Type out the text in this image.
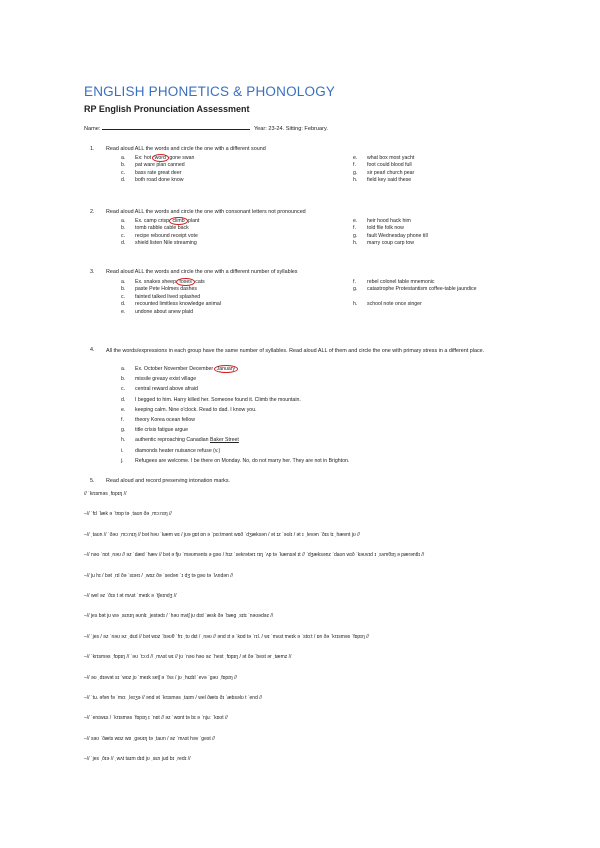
ENGLISH PHONETICS & PHONOLOGY
RP English Pronunciation Assessment
Name:	Year: 23-24. Sitting: February.
1.	Read aloud ALL the words and circle the one with a different sound
a. Ex: hot word gone swan
b. pat ware plan canned
c. bass rate great deer
d. both road done know
e. what box most yacht
f. foot could blood full
g. sir pearl church pear
h. field key said these
2.	Read aloud ALL the words and circle the one with consonant letters not pronounced
a. Ex. camp crisp climb plant
b. tomb rabble cable back
c. recipe rebound receipt vote
d. shield listen Nile streaming
e. heir hood hack him
f. told file folk now
g. fault Wednesday phone till
h. marry coup carp tow
3.	Read aloud ALL the words and circle the one with a different number of syllables
a. Ex. snakes sheep foxes cats
b. paste Pete Holmes dashes
c. fainted talked lived splashed
d. recounted limitless knowledge animal
e. undone about anew plaid
f. rebel colonel table mnemonic
g. catastrophe Protestantism coffee-table jaundice
h. school note once singer
4.	All the words/expressions in each group have the same number of syllables. Read aloud ALL of them and circle the one with primary stress in a different place.
a. Ex. October November December January
b. missile greasy exist village
c. central reward above afraid
d. I begged to him. Harry killed her. Someone found it. Climb the mountain.
e. keeping calm. Nine o'clock. Read to dad. I know you.
f. theory Korea ocean fellow
g. title crisis fatigue argue
h. authentic reproaching Canadian Baker Street
i. diamonds heater nuisance refuse (v.)
j. Refugees are welcome. I be there on Monday. No, do not marry her. They are not in Brighton.
5.	Read aloud and record preserving intonation marks.
// ˈkrɪsməs ˌfɒpɪŋ //
–// ˈfɪl ˈlæk ə ˈtrɒp tə ˌtaʊn ðə ˌmɔːnɪŋ //
–// ˌtaʊn // ˈðəʊ ˌmɔːnɪŋ // bət həʊ ˈkæm wɪ / jʊə gɒt ɒn ə ˈpɑːtmənt wɒð ˈdʒæksən / ət ɪz ˈəʊlɪ / ət ɪ ˌlevən ˈðɪs tɪ ˌhævnt jʊ //
–// nəʊ ˈnɒt ˌnəʊ // əz ˈdæd ˈhæv // bət ə fjʊ ˈməʊmənts ə gəʊ / hɪz ˈsekrətərɪ rɪŋ ˈʌp tə ˈkænsəl ɪt // ˈdʒæksənz ˈdaʊn wɪð ˈkəʊvɪd ɪ ˌsʌmθɪŋ ə pærəntlɪ //
–// ju hɪ / bət ˌrɪl ðə ˈsɪərɪ / ˌwɒz ðə ˈsedən ˈɪ dʒ tə gəʊ tə ˈlʌndən //
–// wel əz ˈðɪs t ət mʌst ˈmeɪk ə ˈtʃeɪndʒ //
–// jes bət jʊ wə ˌsɛnɪŋ əʊnlɪ ˌjestədɪ / ˈhəʊ mʌtʃ jʊ dɪd ˈæsk ðə ˈbæg ˌsɪtɪ ˈnəʊədəz //
–// ˈjes / əz ˈnəʊ əz ˌdɛd // bət wɒz ˈbəʊθ ˈfrɪ ˌtʊ dɛt / ˌnəʊ // ənd ɪt ə ˈkɒd tə ˈrɪl. / wɪ ˈmʌst meɪk ə ˈstɑːt / ɒn ðə ˈkrɪsməs ˈfɒpɪŋ //
–// ˈkrɪsməs ˌfɒpɪŋ // ˈəʊ ˈtɔːd // ˌmʌst wɪ // jʊ ˈnəʊ həʊ əz ˈhest ˌfɒpɪŋ / ət ðə ˈbest ər ˌtæmz //
–// əʊ ˌdɪəvət sɪ ˈwɒz jʊ ˈmeɪk setʃ ə ˈfʌs / jʊ ˌhɛdɪl ˈevə ˈgəʊ ˌfɒpɪŋ //
–// ˈtu. əfən fə ˈmɑː ˌleɪʒə // ənd ət ˈkrɪsməs ˌtaɪm / wel ðæts ðɪ ˈæbsəlʊ t ˈend //
–// ˈenɪwɛs / ˈkrɪsməs ˈfɒpɪŋ ɪ ˈnɒt // əz ˈwɒnt tə bɪ ə ˈnjuː ˈkɒʊt //
–// səʊ ˈðæts wɒz wɒ ˌgəʊɪŋ tə ˌtaʊn / əz ˈmʌst həv ˈgest //
–// ˈjes ˌðɪə // ˌwʌt taɪm dɪd jʊ ˌsɛn jud bɪ ˌredɪ //
